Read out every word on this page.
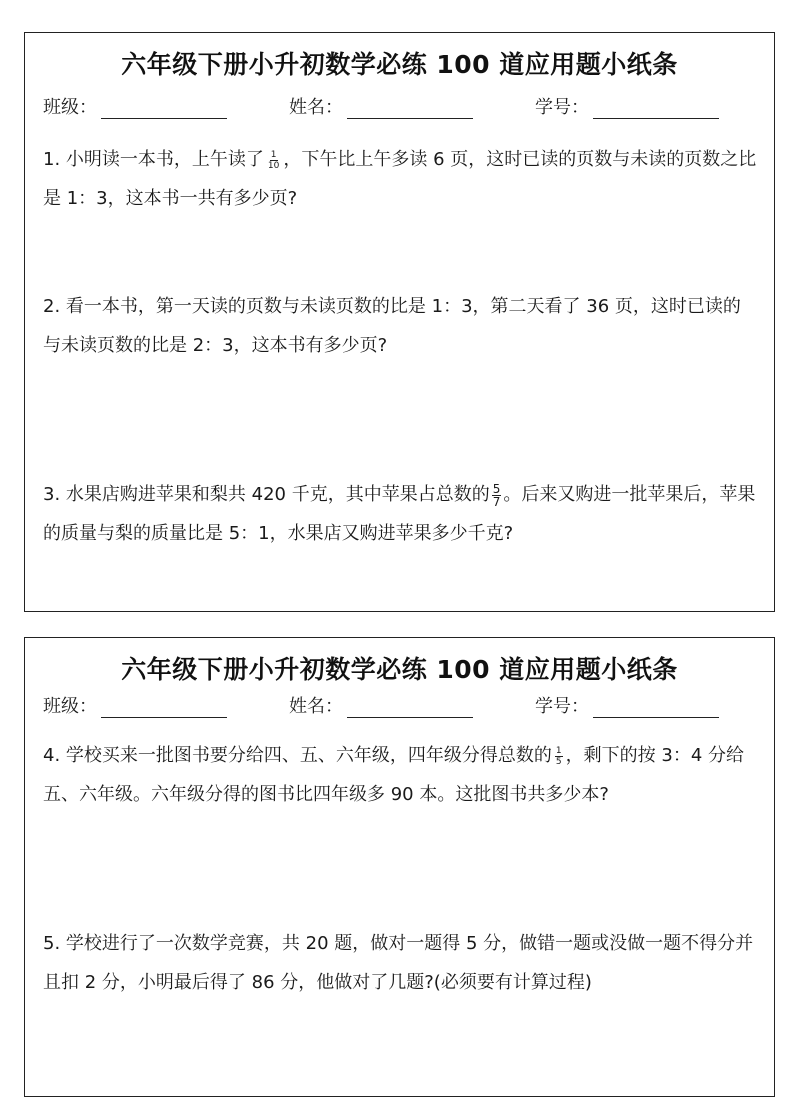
六年级下册小升初数学必练 100 道应用题小纸条
班级：	姓名：	学号：
1. 小明读一本书，上午读了 $\frac{1}{10}$ ，下午比上午多读 6 页，这时已读的页数与未读的页数之比是 1：3，这本书一共有多少页?
2. 看一本书，第一天读的页数与未读页数的比是 1：3，第二天看了 36 页，这时已读的与未读页数的比是 2：3，这本书有多少页?
3. 水果店购进苹果和梨共 420 千克，其中苹果占总数的 $\frac{5}{7}$ 。后来又购进一批苹果后，苹果的质量与梨的质量比是 5：1，水果店又购进苹果多少千克?
六年级下册小升初数学必练 100 道应用题小纸条
班级：	姓名：	学号：
4. 学校买来一批图书要分给四、五、六年级，四年级分得总数的 $\frac{1}{5}$ ，剩下的按 3：4 分给五、六年级。六年级分得的图书比四年级多 90 本。这批图书共多少本?
5. 学校进行了一次数学竞赛，共 20 题，做对一题得 5 分，做错一题或没做一题不得分并且扣 2 分，小明最后得了 86 分，他做对了几题?(必须要有计算过程)
